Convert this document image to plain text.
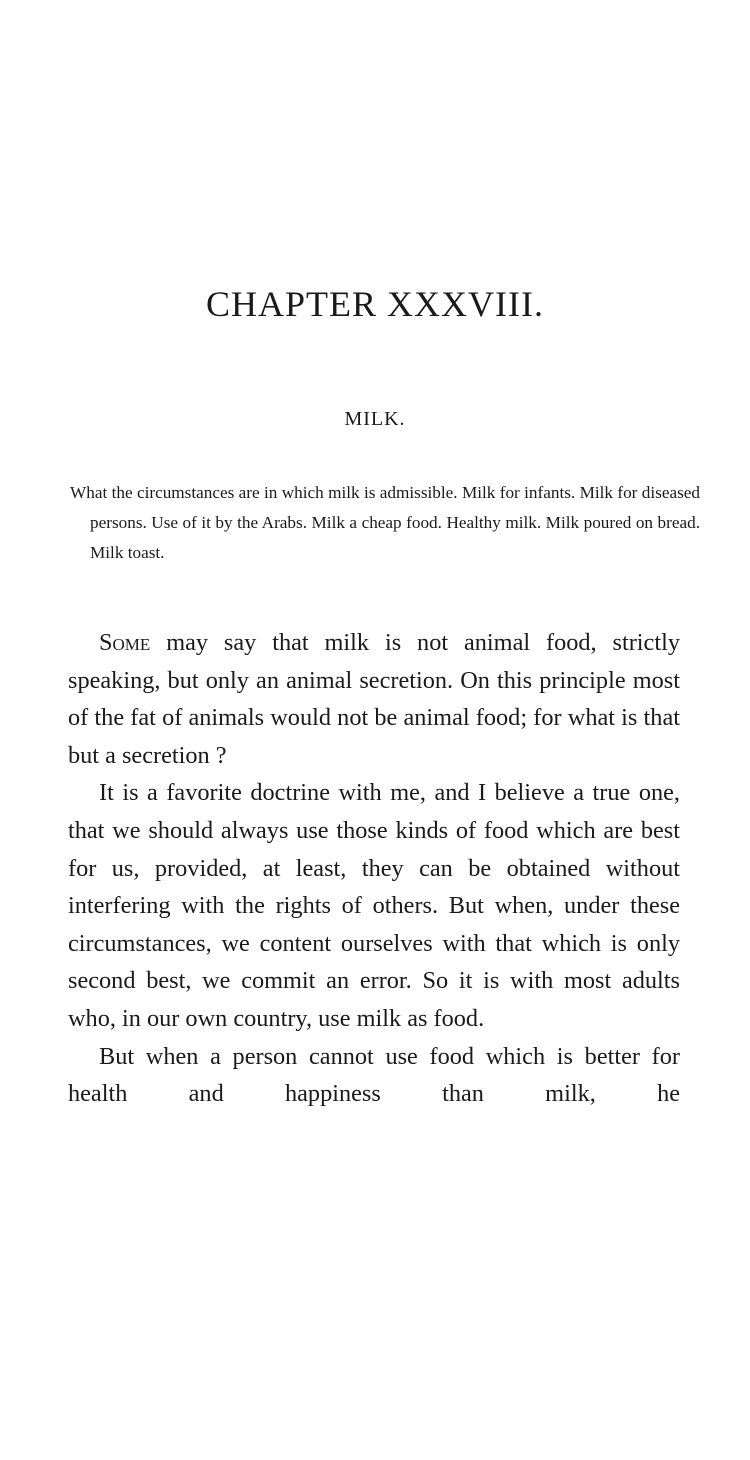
CHAPTER XXXVIII.
MILK.

What the circumstances are in which milk is admissible. Milk for infants. Milk for diseased persons. Use of it by the Arabs. Milk a cheap food. Healthy milk. Milk poured on bread. Milk toast.

Some may say that milk is not animal food, strictly speaking, but only an animal secretion. On this principle most of the fat of animals would not be animal food; for what is that but a secretion ?

It is a favorite doctrine with me, and I believe a true one, that we should always use those kinds of food which are best for us, provided, at least, they can be obtained without interfering with the rights of others. But when, under these circumstances, we content ourselves with that which is only second best, we commit an error. So it is with most adults who, in our own country, use milk as food.

But when a person cannot use food which is better for health and happiness than milk, he
